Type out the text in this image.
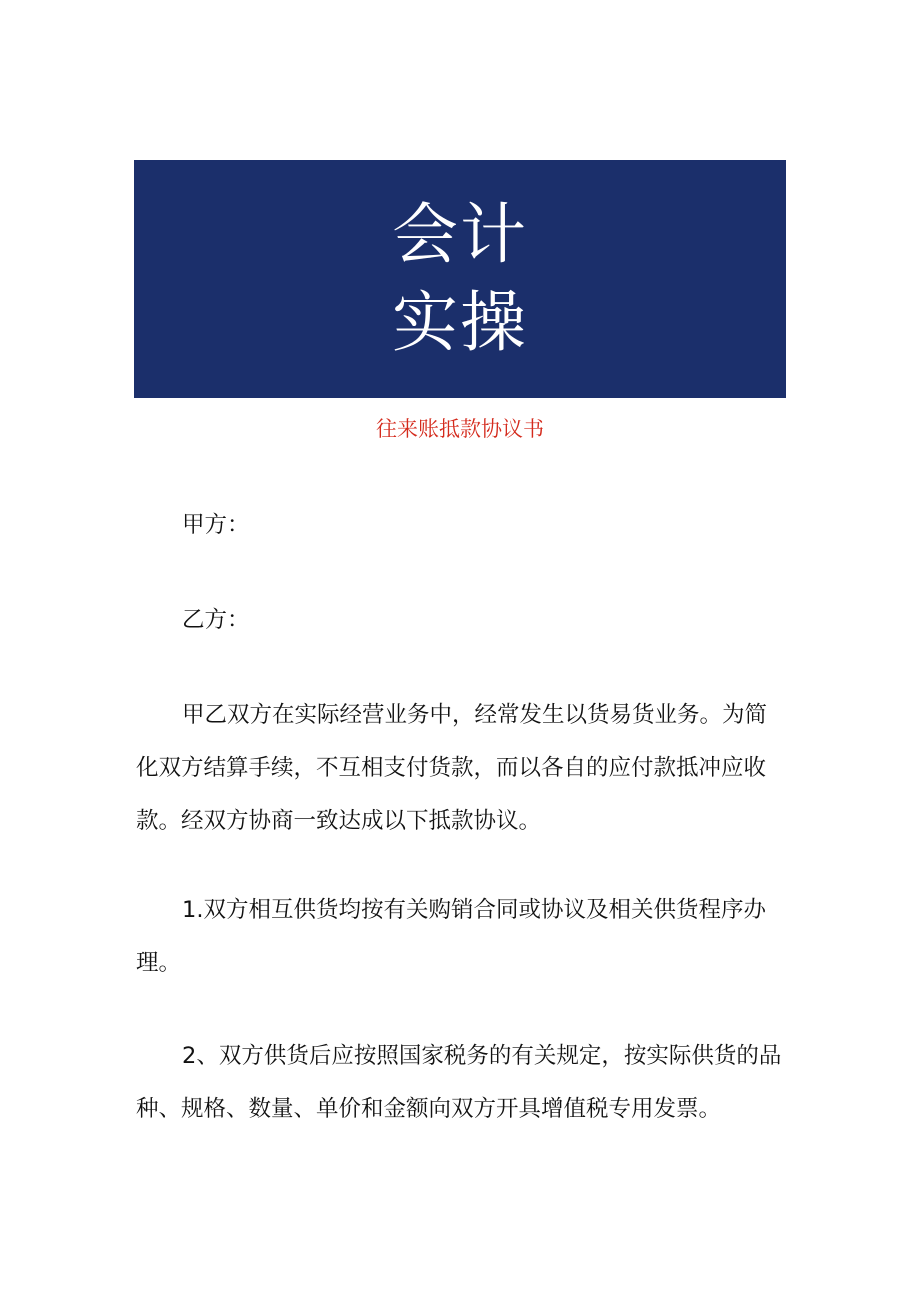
会计
实操
往来账抵款协议书

甲方：

乙方：

甲乙双方在实际经营业务中，经常发生以货易货业务。为简化双方结算手续，不互相支付货款，而以各自的应付款抵冲应收款。经双方协商一致达成以下抵款协议。

1.双方相互供货均按有关购销合同或协议及相关供货程序办理。

2、双方供货后应按照国家税务的有关规定，按实际供货的品种、规格、数量、单价和金额向双方开具增值税专用发票。
